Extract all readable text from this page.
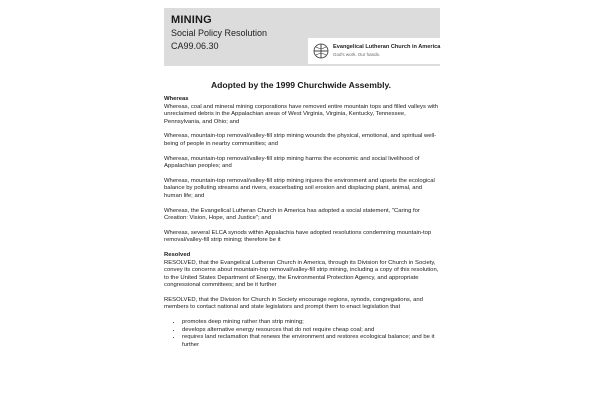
MINING
Social Policy Resolution
CA99.06.30	Evangelical Lutheran Church in America
God's work. Our hands.
Adopted by the 1999 Churchwide Assembly.

Whereas

Whereas, coal and mineral mining corporations have removed entire mountain tops and filled valleys with unreclaimed debris in the Appalachian areas of West Virginia, Virginia, Kentucky, Tennessee, Pennsylvania, and Ohio; and

Whereas, mountain-top removal/valley-fill strip mining wounds the physical, emotional, and spiritual well-being of people in nearby communities; and

Whereas, mountain-top removal/valley-fill strip mining harms the economic and social livelihood of Appalachian peoples; and

Whereas, mountain-top removal/valley-fill strip mining injures the environment and upsets the ecological balance by polluting streams and rivers, exacerbating soil erosion and displacing plant, animal, and human life; and

Whereas, the Evangelical Lutheran Church in America has adopted a social statement, "Caring for Creation: Vision, Hope, and Justice"; and

Whereas, several ELCA synods within Appalachia have adopted resolutions condemning mountain-top removal/valley-fill strip mining; therefore be it

Resolved

RESOLVED, that the Evangelical Lutheran Church in America, through its Division for Church in Society, convey its concerns about mountain-top removal/valley-fill strip mining, including a copy of this resolution, to the United States Department of Energy, the Environmental Protection Agency, and appropriate congressional committees; and be it further

RESOLVED, that the Division for Church in Society encourage regions, synods, congregations, and members to contact national and state legislators and prompt them to enact legislation that

• promotes deep mining rather than strip mining;
• develops alternative energy resources that do not require cheap coal; and
• requires land reclamation that renews the environment and restores ecological balance; and be it further
